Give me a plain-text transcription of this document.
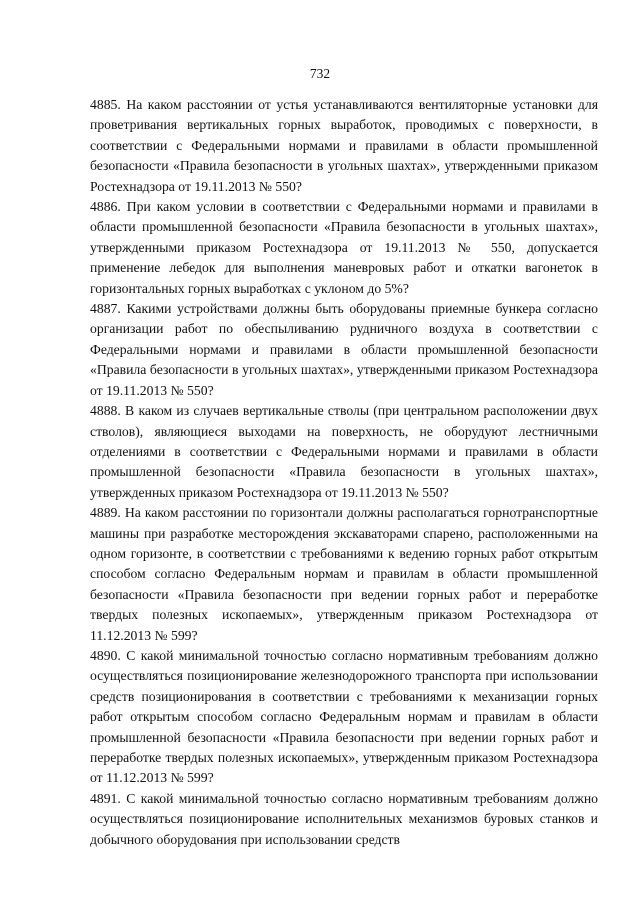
732

4885. На каком расстоянии от устья устанавливаются вентиляторные установки для проветривания вертикальных горных выработок, проводимых с поверхности, в соответствии с Федеральными нормами и правилами в области промышленной безопасности «Правила безопасности в угольных шахтах», утвержденными приказом Ростехнадзора от 19.11.2013 № 550?

4886. При каком условии в соответствии с Федеральными нормами и правилами в области промышленной безопасности «Правила безопасности в угольных шахтах», утвержденными приказом Ростехнадзора от 19.11.2013 № 550, допускается применение лебедок для выполнения маневровых работ и откатки вагонеток в горизонтальных горных выработках с уклоном до 5%?

4887. Какими устройствами должны быть оборудованы приемные бункера согласно организации работ по обеспыливанию рудничного воздуха в соответствии с Федеральными нормами и правилами в области промышленной безопасности «Правила безопасности в угольных шахтах», утвержденными приказом Ростехнадзора от 19.11.2013 № 550?

4888. В каком из случаев вертикальные стволы (при центральном расположении двух стволов), являющиеся выходами на поверхность, не оборудуют лестничными отделениями в соответствии с Федеральными нормами и правилами в области промышленной безопасности «Правила безопасности в угольных шахтах», утвержденных приказом Ростехнадзора от 19.11.2013 № 550?

4889. На каком расстоянии по горизонтали должны располагаться горнотранспортные машины при разработке месторождения экскаваторами спарено, расположенными на одном горизонте, в соответствии с требованиями к ведению горных работ открытым способом согласно Федеральным нормам и правилам в области промышленной безопасности «Правила безопасности при ведении горных работ и переработке твердых полезных ископаемых», утвержденным приказом Ростехнадзора от 11.12.2013 № 599?

4890. С какой минимальной точностью согласно нормативным требованиям должно осуществляться позиционирование железнодорожного транспорта при использовании средств позиционирования в соответствии с требованиями к механизации горных работ открытым способом согласно Федеральным нормам и правилам в области промышленной безопасности «Правила безопасности при ведении горных работ и переработке твердых полезных ископаемых», утвержденным приказом Ростехнадзора от 11.12.2013 № 599?

4891. С какой минимальной точностью согласно нормативным требованиям должно осуществляться позиционирование исполнительных механизмов буровых станков и добычного оборудования при использовании средств
